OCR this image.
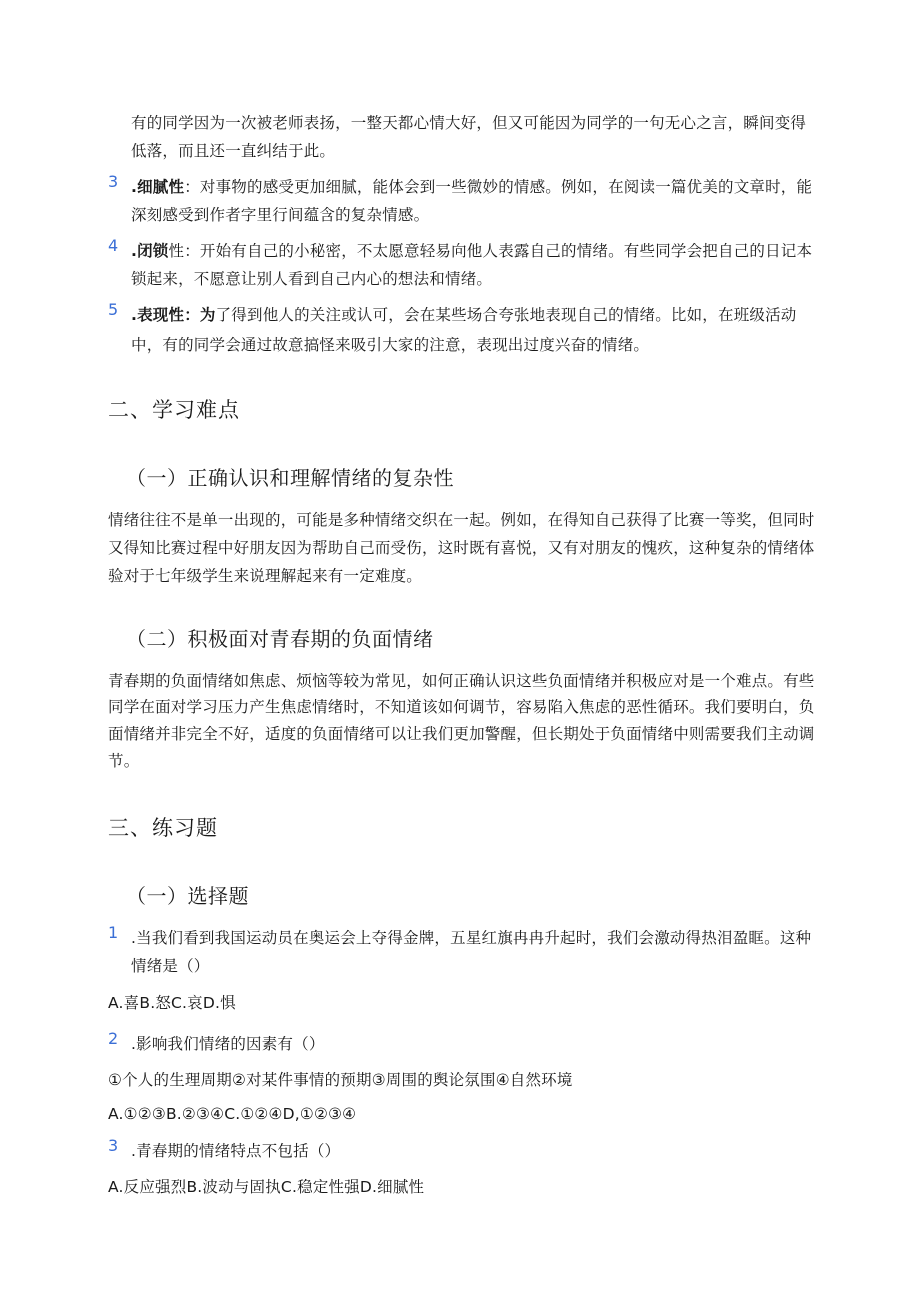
有的同学因为一次被老师表扬，一整天都心情大好，但又可能因为同学的一句无心之言，瞬间变得
低落，而且还一直纠结于此。
3 .细腻性：对事物的感受更加细腻，能体会到一些微妙的情感。例如，在阅读一篇优美的文章时，能
深刻感受到作者字里行间蕴含的复杂情感。
4 .闭锁性：开始有自己的小秘密，不太愿意轻易向他人表露自己的情绪。有些同学会把自己的日记本
锁起来，不愿意让别人看到自己内心的想法和情绪。
5 .表现性：为了得到他人的关注或认可，会在某些场合夸张地表现自己的情绪。比如，在班级活动
中，有的同学会通过故意搞怪来吸引大家的注意，表现出过度兴奋的情绪。
二、学习难点
（一）正确认识和理解情绪的复杂性
情绪往往不是单一出现的，可能是多种情绪交织在一起。例如，在得知自己获得了比赛一等奖，但同时
又得知比赛过程中好朋友因为帮助自己而受伤，这时既有喜悦，又有对朋友的愧疚，这种复杂的情绪体
验对于七年级学生来说理解起来有一定难度。
（二）积极面对青春期的负面情绪
青春期的负面情绪如焦虑、烦恼等较为常见，如何正确认识这些负面情绪并积极应对是一个难点。有些
同学在面对学习压力产生焦虑情绪时，不知道该如何调节，容易陷入焦虑的恶性循环。我们要明白，负
面情绪并非完全不好，适度的负面情绪可以让我们更加警醒，但长期处于负面情绪中则需要我们主动调
节。
三、练习题
（一）选择题
1 .当我们看到我国运动员在奥运会上夺得金牌，五星红旗冉冉升起时，我们会激动得热泪盈眶。这种
情绪是（）
A.喜B.怒C.哀D.惧
2 .影响我们情绪的因素有（）
①个人的生理周期②对某件事情的预期③周围的舆论氛围④自然环境
A.①②③B.②③④C.①②④D,①②③④
3 .青春期的情绪特点不包括（）
A.反应强烈B.波动与固执C.稳定性强D.细腻性
